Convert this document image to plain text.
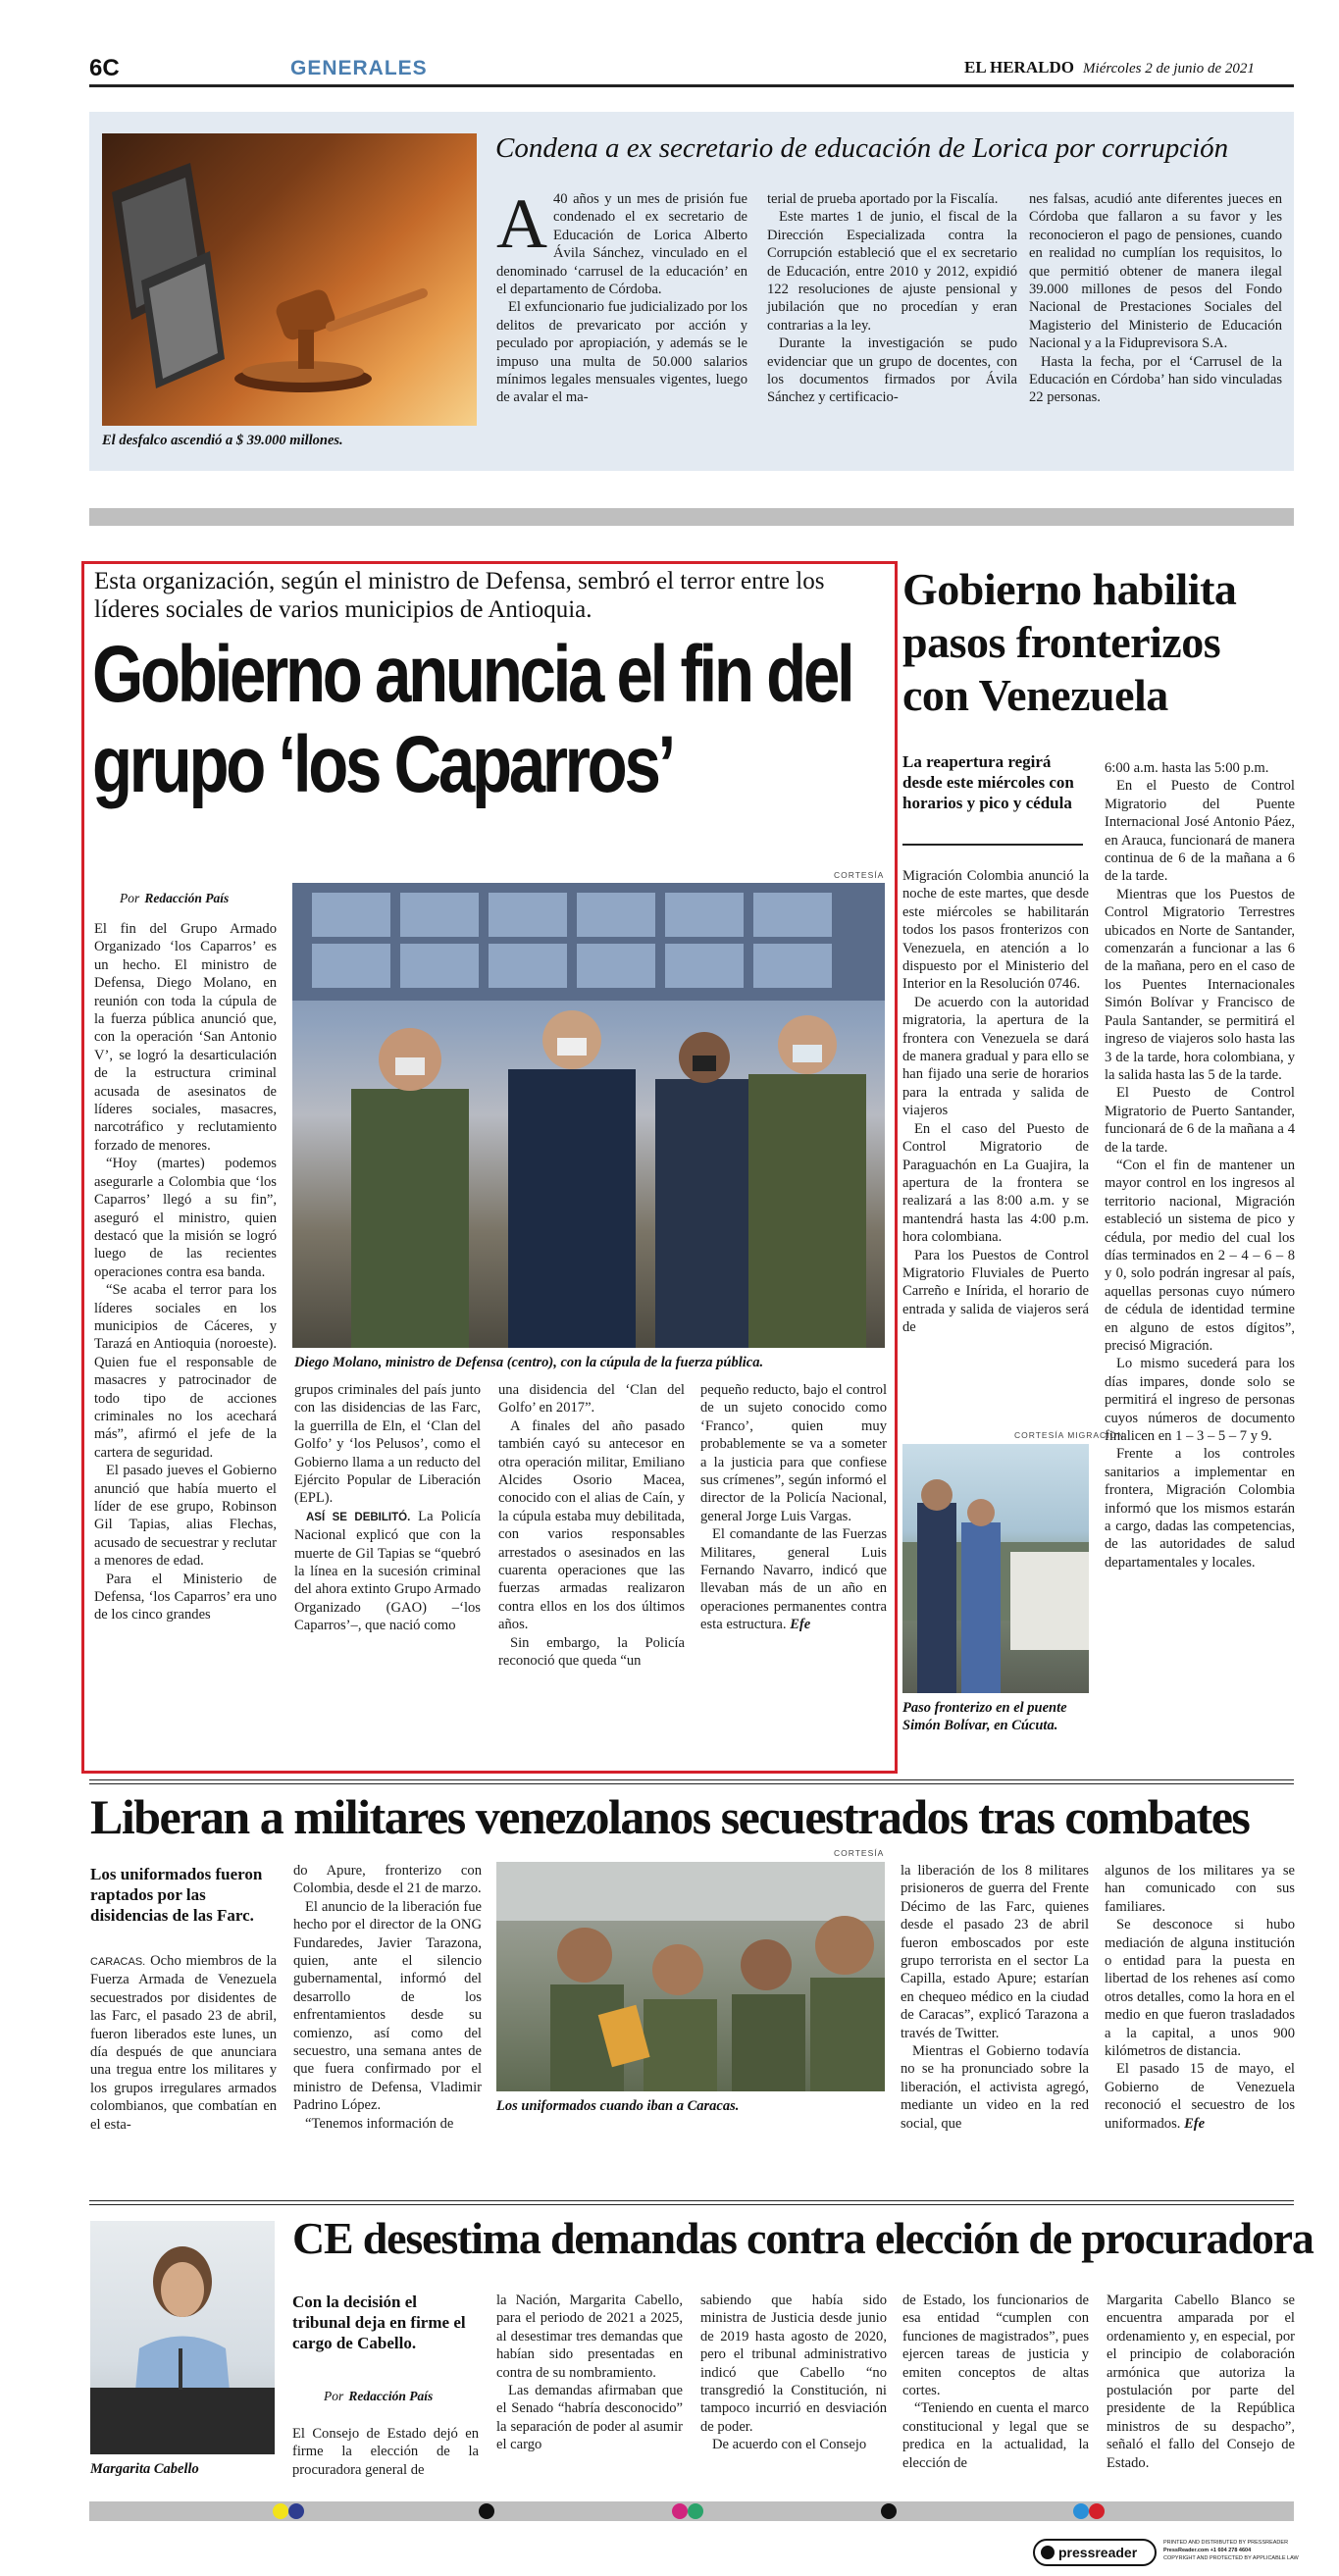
6C	GENERALES	EL HERALDO Miércoles 2 de junio de 2021
El desfalco ascendió a $ 39.000 millones.
Condena a ex secretario de educación de Lorica por corrupción

A 40 años y un mes de prisión fue condenado el ex secretario de Educación de Lorica Alberto Ávila Sánchez, vinculado en el denominado ‘carrusel de la educación’ en el departamento de Córdoba.

El exfuncionario fue judicializado por los delitos de prevaricato por acción y peculado por apropiación, y además se le impuso una multa de 50.000 salarios mínimos legales mensuales vigentes, luego de avalar el ma-

terial de prueba aportado por la Fiscalía.

Este martes 1 de junio, el fiscal de la Dirección Especializada contra la Corrupción estableció que el ex secretario de Educación, entre 2010 y 2012, expidió 122 resoluciones de ajuste pensional y jubilación que no procedían y eran contrarias a la ley.

Durante la investigación se pudo evidenciar que un grupo de docentes, con los documentos firmados por Ávila Sánchez y certificacio-

nes falsas, acudió ante diferentes jueces en Córdoba que fallaron a su favor y les reconocieron el pago de pensiones, cuando en realidad no cumplían los requisitos, lo que permitió obtener de manera ilegal 39.000 millones de pesos del Fondo Nacional de Prestaciones Sociales del Magisterio del Ministerio de Educación Nacional y a la Fiduprevisora S.A.

Hasta la fecha, por el ‘Carrusel de la Educación en Córdoba’ han sido vinculadas 22 personas.

Esta organización, según el ministro de Defensa, sembró el terror entre los líderes sociales de varios municipios de Antioquia.
Gobierno anuncia el fin del grupo ‘los Caparros’
Por Redacción País
CORTESÍA
Diego Molano, ministro de Defensa (centro), con la cúpula de la fuerza pública.

El fin del Grupo Armado Organizado ‘los Caparros’ es un hecho. El ministro de Defensa, Diego Molano, en reunión con toda la cúpula de la fuerza pública anunció que, con la operación ‘San Antonio V’, se logró la desarticulación de la estructura criminal acusada de asesinatos de líderes sociales, masacres, narcotráfico y reclutamiento forzado de menores.

“Hoy (martes) podemos asegurarle a Colombia que ‘los Caparros’ llegó a su fin”, aseguró el ministro, quien destacó que la misión se logró luego de las recientes operaciones contra esa banda.

“Se acaba el terror para los líderes sociales en los municipios de Cáceres, y Tarazá en Antioquia (noroeste). Quien fue el responsable de masacres y patrocinador de todo tipo de acciones criminales no los acechará más”, afirmó el jefe de la cartera de seguridad.

El pasado jueves el Gobierno anunció que había muerto el líder de ese grupo, Robinson Gil Tapias, alias Flechas, acusado de secuestrar y reclutar a menores de edad.

Para el Ministerio de Defensa, ‘los Caparros’ era uno de los cinco grandes

grupos criminales del país junto con las disidencias de las Farc, la guerrilla de Eln, el ‘Clan del Golfo’ y ‘los Pelusos’, como el Gobierno llama a un reducto del Ejército Popular de Liberación (EPL).

ASÍ SE DEBILITÓ. La Policía Nacional explicó que con la muerte de Gil Tapias se “quebró la línea en la sucesión criminal del ahora extinto Grupo Armado Organizado (GAO) –‘los Caparros’–, que nació como

una disidencia del ‘Clan del Golfo’ en 2017”.

A finales del año pasado también cayó su antecesor en otra operación militar, Emiliano Alcides Osorio Macea, conocido con el alias de Caín, y la cúpula estaba muy debilitada, con varios responsables arrestados o asesinados en las cuarenta operaciones que las fuerzas armadas realizaron contra ellos en los dos últimos años.

Sin embargo, la Policía reconoció que queda “un

pequeño reducto, bajo el control de un sujeto conocido como ‘Franco’, quien muy probablemente se va a someter a la justicia para que confiese sus crímenes”, según informó el director de la Policía Nacional, general Jorge Luis Vargas.

El comandante de las Fuerzas Militares, general Luis Fernando Navarro, indicó que llevaban más de un año en operaciones permanentes contra esta estructura. Efe

Gobierno habilita pasos fronterizos con Venezuela
La reapertura regirá desde este miércoles con horarios y pico y cédula

Migración Colombia anunció la noche de este martes, que desde este miércoles se habilitarán todos los pasos fronterizos con Venezuela, en atención a lo dispuesto por el Ministerio del Interior en la Resolución 0746.

De acuerdo con la autoridad migratoria, la apertura de la frontera con Venezuela se dará de manera gradual y para ello se han fijado una serie de horarios para la entrada y salida de viajeros

En el caso del Puesto de Control Migratorio de Paraguachón en La Guajira, la apertura de la frontera se realizará a las 8:00 a.m. y se mantendrá hasta las 4:00 p.m. hora colombiana.

Para los Puestos de Control Migratorio Fluviales de Puerto Carreño e Inírida, el horario de entrada y salida de viajeros será de

CORTESÍA MIGRACIÓN
Paso fronterizo en el puente Simón Bolívar, en Cúcuta.

6:00 a.m. hasta las 5:00 p.m.

En el Puesto de Control Migratorio del Puente Internacional José Antonio Páez, en Arauca, funcionará de manera continua de 6 de la mañana a 6 de la tarde.

Mientras que los Puestos de Control Migratorio Terrestres ubicados en Norte de Santander, comenzarán a funcionar a las 6 de la mañana, pero en el caso de los Puentes Internacionales Simón Bolívar y Francisco de Paula Santander, se permitirá el ingreso de viajeros solo hasta las 3 de la tarde, hora colombiana, y la salida hasta las 5 de la tarde.

El Puesto de Control Migratorio de Puerto Santander, funcionará de 6 de la mañana a 4 de la tarde.

“Con el fin de mantener un mayor control en los ingresos al territorio nacional, Migración estableció un sistema de pico y cédula, por medio del cual los días terminados en 2 – 4 – 6 – 8 y 0, solo podrán ingresar al país, aquellas personas cuyo número de cédula de identidad termine en alguno de estos dígitos”, precisó Migración.

Lo mismo sucederá para los días impares, donde solo se permitirá el ingreso de personas cuyos números de documento finalicen en 1 – 3 – 5 – 7 y 9.

Frente a los controles sanitarios a implementar en frontera, Migración Colombia informó que los mismos estarán a cargo, dadas las competencias, de las autoridades de salud departamentales y locales.

Liberan a militares venezolanos secuestrados tras combates
Los uniformados fueron raptados por las disidencias de las Farc.

CARACAS. Ocho miembros de la Fuerza Armada de Venezuela secuestrados por disidentes de las Farc, el pasado 23 de abril, fueron liberados este lunes, un día después de que anunciara una tregua entre los militares y los grupos irregulares armados colombianos, que combatían en el esta-

do Apure, fronterizo con Colombia, desde el 21 de marzo.

El anuncio de la liberación fue hecho por el director de la ONG Fundaredes, Javier Tarazona, quien, ante el silencio gubernamental, informó del desarrollo de los enfrentamientos desde su comienzo, así como del secuestro, una semana antes de que fuera confirmado por el ministro de Defensa, Vladimir Padrino López.

“Tenemos información de

CORTESÍA
Los uniformados cuando iban a Caracas.

la liberación de los 8 militares prisioneros de guerra del Frente Décimo de las Farc, quienes desde el pasado 23 de abril fueron emboscados por este grupo terrorista en el sector La Capilla, estado Apure; estarían en chequeo médico en la ciudad de Caracas”, explicó Tarazona a través de Twitter.

Mientras el Gobierno todavía no se ha pronunciado sobre la liberación, el activista agregó, mediante un video en la red social, que

algunos de los militares ya se han comunicado con sus familiares.

Se desconoce si hubo mediación de alguna institución o entidad para la puesta en libertad de los rehenes así como otros detalles, como la hora en el medio en que fueron trasladados a la capital, a unos 900 kilómetros de distancia.

El pasado 15 de mayo, el Gobierno de Venezuela reconoció el secuestro de los uniformados. Efe

Margarita Cabello
CE desestima demandas contra elección de procuradora
Con la decisión el tribunal deja en firme el cargo de Cabello.
Por Redacción País

El Consejo de Estado dejó en firme la elección de la procuradora general de

la Nación, Margarita Cabello, para el periodo de 2021 a 2025, al desestimar tres demandas que habían sido presentadas en contra de su nombramiento.

Las demandas afirmaban que el Senado “habría desconocido” la separación de poder al asumir el cargo

sabiendo que había sido ministra de Justicia desde junio de 2019 hasta agosto de 2020, pero el tribunal administrativo indicó que Cabello “no transgredió la Constitución, ni tampoco incurrió en desviación de poder.

De acuerdo con el Consejo

de Estado, los funcionarios de esa entidad “cumplen con funciones de magistrados”, pues ejercen tareas de justicia y emiten conceptos de altas cortes.

“Teniendo en cuenta el marco constitucional y legal que se predica en la actualidad, la elección de

Margarita Cabello Blanco se encuentra amparada por el ordenamiento y, en especial, por el principio de colaboración armónica que autoriza la postulación por parte del presidente de la República ministros de su despacho”, señaló el fallo del Consejo de Estado.

pressreader
PRINTED AND DISTRIBUTED BY PRESSREADER
PressReader.com +1 604 278 4604
COPYRIGHT AND PROTECTED BY APPLICABLE LAW
